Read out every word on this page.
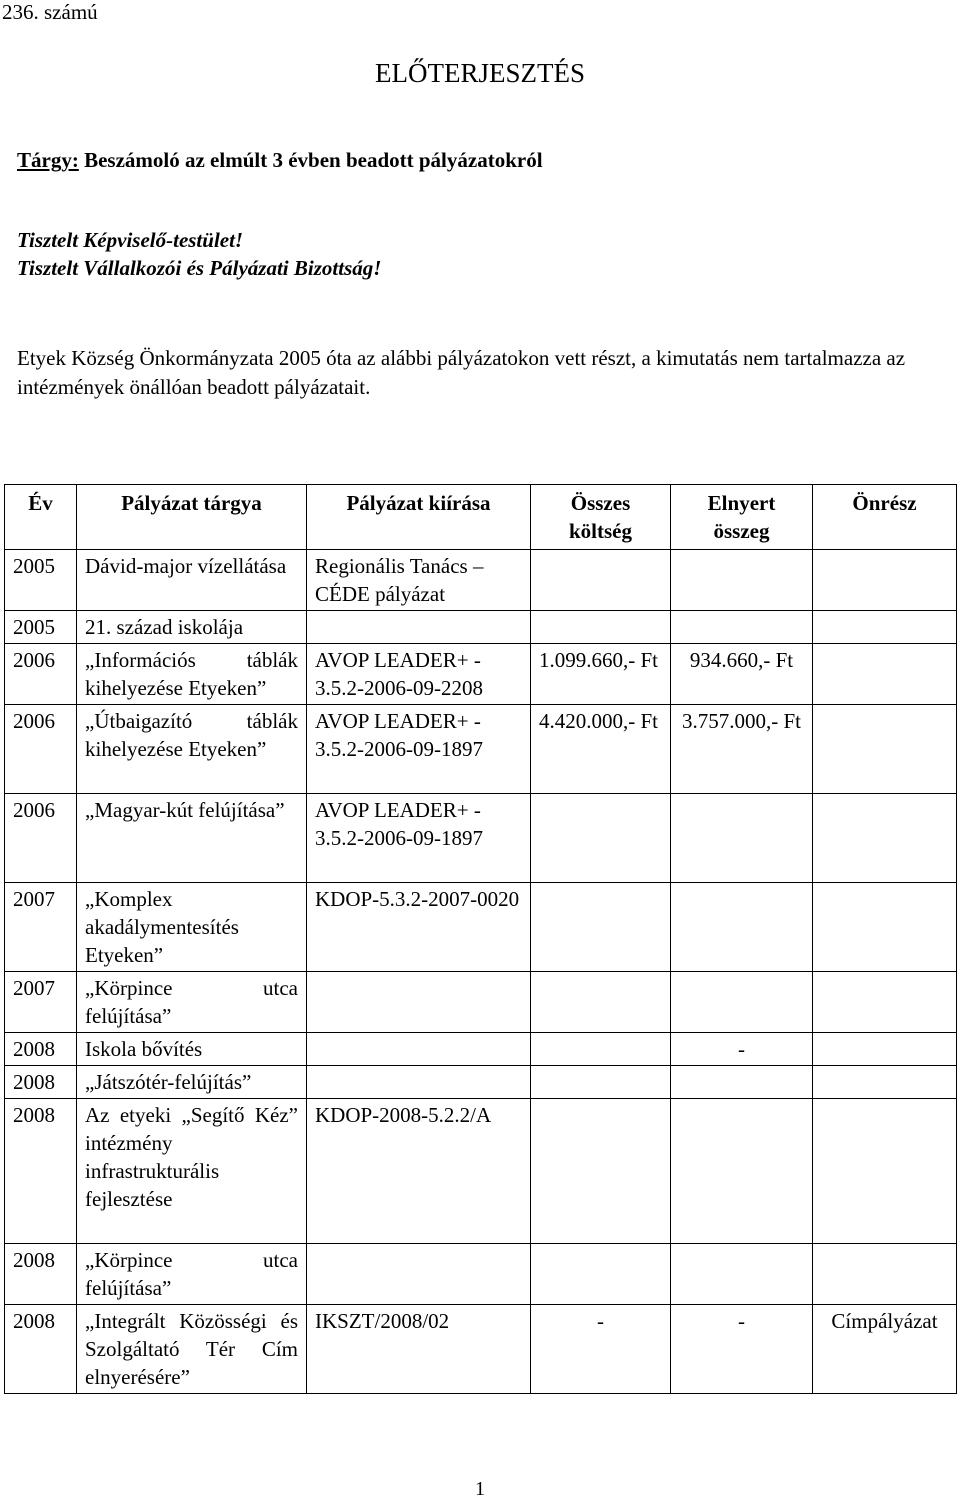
236. számú
ELŐTERJESZTÉS
Tárgy: Beszámoló az elmúlt 3 évben beadott pályázatokról
Tisztelt Képviselő-testület!
Tisztelt Vállalkozói és Pályázati Bizottság!
Etyek Község Önkormányzata 2005 óta az alábbi pályázatokon vett részt, a kimutatás nem tartalmazza az intézmények önállóan beadott pályázatait.
Év	Pályázat tárgya	Pályázat kiírása	Összes költség	Elnyert összeg	Önrész
2005	Dávid-major vízellátása	Regionális Tanács – CÉDE pályázat			
2005	21. század iskolája				
2006	„Információs táblák kihelyezése Etyeken”	AVOP LEADER+ - 3.5.2-2006-09-2208	1.099.660,- Ft	934.660,- Ft	
2006	„Útbaigazító táblák kihelyezése Etyeken”	AVOP LEADER+ - 3.5.2-2006-09-1897	4.420.000,- Ft	3.757.000,- Ft	
2006	„Magyar-kút felújítása”	AVOP LEADER+ - 3.5.2-2006-09-1897			
2007	„Komplex akadálymentesítés Etyeken”	KDOP-5.3.2-2007-0020			
2007	„Körpince utca felújítása”				
2008	Iskola bővítés			-	
2008	„Játszótér-felújítás”				
2008	Az etyeki „Segítő Kéz” intézmény infrastrukturális fejlesztése	KDOP-2008-5.2.2/A			
2008	„Körpince utca felújítása”				
2008	„Integrált Közösségi és Szolgáltató Tér Cím elnyerésére”	IKSZT/2008/02	-	-	Címpályázat
1
